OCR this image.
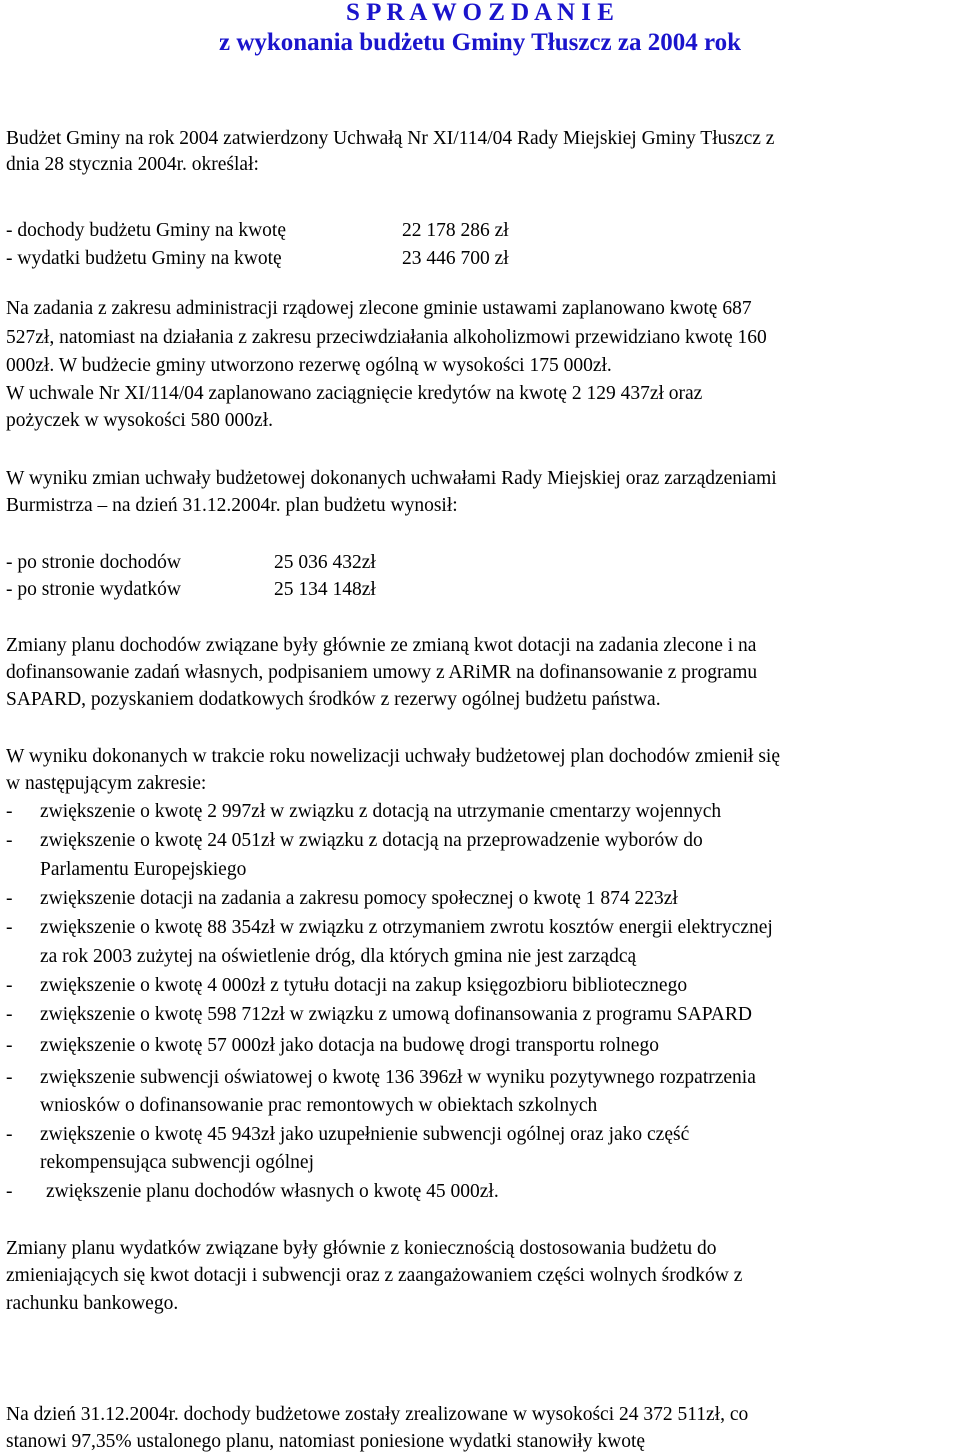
S P R A W O Z D A N I E
z wykonania budżetu Gminy Tłuszcz za 2004 rok
Budżet Gminy na rok 2004 zatwierdzony Uchwałą Nr XI/114/04 Rady Miejskiej Gminy Tłuszcz z
dnia 28 stycznia 2004r. określał:
- dochody budżetu Gminy na kwotę	22 178 286 zł
- wydatki budżetu Gminy na kwotę	23 446 700 zł
Na zadania z zakresu administracji rządowej zlecone gminie ustawami zaplanowano kwotę 687
527zł, natomiast na działania z zakresu przeciwdziałania alkoholizmowi przewidziano kwotę 160
000zł. W budżecie gminy utworzono rezerwę ogólną w wysokości 175 000zł.
W uchwale Nr XI/114/04 zaplanowano zaciągnięcie kredytów na kwotę 2 129 437zł oraz
pożyczek w wysokości 580 000zł.
W wyniku zmian uchwały budżetowej dokonanych uchwałami Rady Miejskiej oraz zarządzeniami
Burmistrza – na dzień 31.12.2004r. plan budżetu wynosił:
- po stronie dochodów	25 036 432zł
- po stronie wydatków	25 134 148zł
Zmiany planu dochodów związane były głównie ze zmianą kwot dotacji na zadania zlecone i na
dofinansowanie zadań własnych, podpisaniem umowy z ARiMR na dofinansowanie z programu
SAPARD, pozyskaniem dodatkowych środków z rezerwy ogólnej budżetu państwa.
W wyniku dokonanych w trakcie roku nowelizacji uchwały budżetowej plan dochodów zmienił się
w następującym zakresie:
- zwiększenie o kwotę 2 997zł w związku z dotacją na utrzymanie cmentarzy wojennych
- zwiększenie o kwotę 24 051zł w związku z dotacją na przeprowadzenie wyborów do
Parlamentu Europejskiego
- zwiększenie dotacji na zadania a zakresu pomocy społecznej o kwotę 1 874 223zł
- zwiększenie o kwotę 88 354zł w związku z otrzymaniem zwrotu kosztów energii elektrycznej
za rok 2003 zużytej na oświetlenie dróg, dla których gmina nie jest zarządcą
- zwiększenie o kwotę 4 000zł z tytułu dotacji na zakup księgozbioru bibliotecznego
- zwiększenie o kwotę 598 712zł w związku z umową dofinansowania z programu SAPARD
- zwiększenie o kwotę 57 000zł jako dotacja na budowę drogi transportu rolnego
- zwiększenie subwencji oświatowej o kwotę 136 396zł w wyniku pozytywnego rozpatrzenia
wniosków o dofinansowanie prac remontowych w obiektach szkolnych
- zwiększenie o kwotę 45 943zł jako uzupełnienie subwencji ogólnej oraz jako część
rekompensująca subwencji ogólnej
- zwiększenie planu dochodów własnych o kwotę 45 000zł.
Zmiany planu wydatków związane były głównie z koniecznością dostosowania budżetu do
zmieniających się kwot dotacji i subwencji oraz z zaangażowaniem części wolnych środków z
rachunku bankowego.
Na dzień 31.12.2004r. dochody budżetowe zostały zrealizowane w wysokości 24 372 511zł, co
stanowi 97,35% ustalonego planu, natomiast poniesione wydatki stanowiły kwotę
